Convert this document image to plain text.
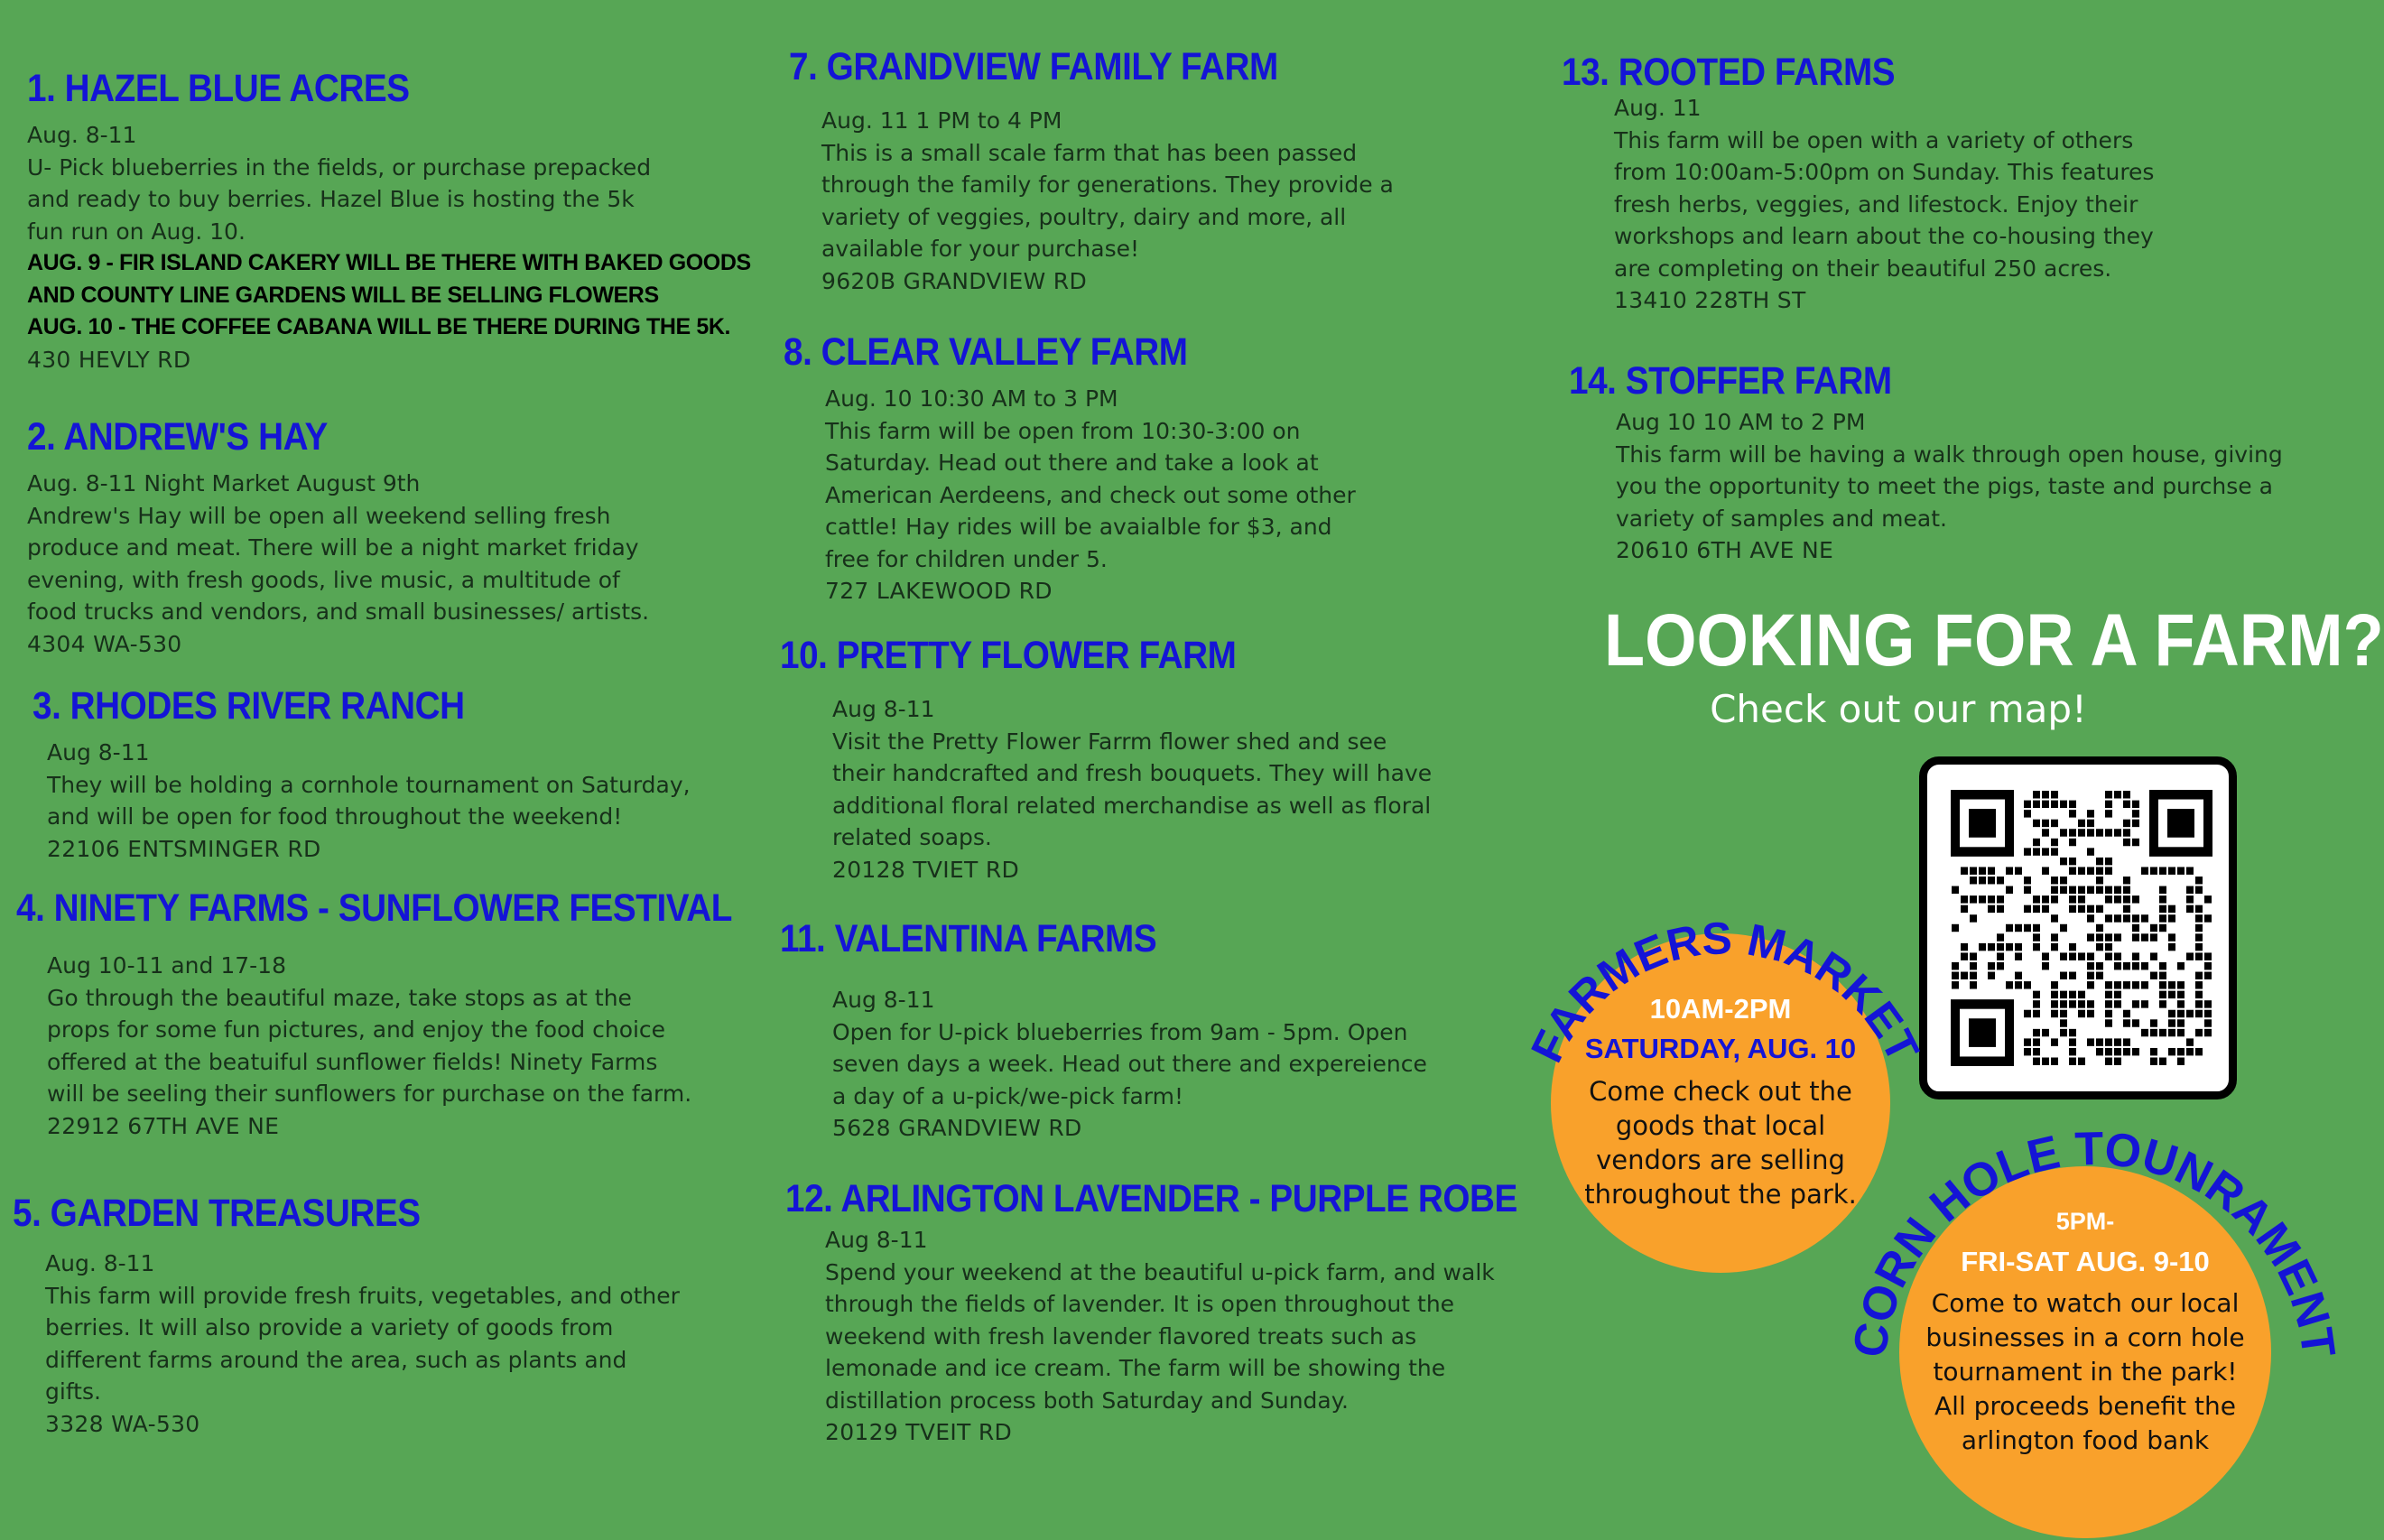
1. HAZEL BLUE ACRES

Aug. 8-11

U- Pick blueberries in the fields, or purchase prepacked

and ready to buy berries. Hazel Blue is hosting the 5k

fun run on Aug. 10.

AUG. 9 - FIR ISLAND CAKERY WILL BE THERE WITH BAKED GOODS

AND COUNTY LINE GARDENS WILL BE SELLING FLOWERS

AUG. 10 - THE COFFEE CABANA WILL BE THERE DURING THE 5K.

430 HEVLY RD

2. ANDREW'S HAY

Aug. 8-11 Night Market August 9th

Andrew's Hay will be open all weekend selling fresh

produce and meat. There will be a night market friday

evening, with fresh goods, live music, a multitude of

food trucks and vendors, and small businesses/ artists.

4304 WA-530

3. RHODES RIVER RANCH

Aug 8-11

They will be holding a cornhole tournament on Saturday,

and will be open for food throughout the weekend!

22106 ENTSMINGER RD

4. NINETY FARMS - SUNFLOWER FESTIVAL

Aug 10-11 and 17-18

Go through the beautiful maze, take stops as at the

props for some fun pictures, and enjoy the food choice

offered at the beatuiful sunflower fields! Ninety Farms

will be seeling their sunflowers for purchase on the farm.

22912 67TH AVE NE

5. GARDEN TREASURES

Aug. 8-11

This farm will provide fresh fruits, vegetables, and other

berries. It will also provide a variety of goods from

different farms around the area, such as plants and

gifts.

3328 WA-530

7. GRANDVIEW FAMILY FARM

Aug. 11 1 PM to 4 PM

This is a small scale farm that has been passed

through the family for generations. They provide a

variety of veggies, poultry, dairy and more, all

available for your purchase!

9620B GRANDVIEW RD

8. CLEAR VALLEY FARM

Aug. 10 10:30 AM to 3 PM

This farm will be open from 10:30-3:00 on

Saturday. Head out there and take a look at

American Aerdeens, and check out some other

cattle! Hay rides will be avaialble for $3, and

free for children under 5.

727 LAKEWOOD RD

10. PRETTY FLOWER FARM

Aug 8-11

Visit the Pretty Flower Farrm flower shed and see

their handcrafted and fresh bouquets. They will have

additional floral related merchandise as well as floral

related soaps.

20128 TVIET RD

11. VALENTINA FARMS

Aug 8-11

Open for U-pick blueberries from 9am - 5pm. Open

seven days a week. Head out there and expereience

a day of a u-pick/we-pick farm!

5628 GRANDVIEW RD

12. ARLINGTON LAVENDER - PURPLE ROBE

Aug 8-11

Spend your weekend at the beautiful u-pick farm, and walk

through the fields of lavender. It is open throughout the

weekend with fresh lavender flavored treats such as

lemonade and ice cream. The farm will be showing the

distillation process both Saturday and Sunday.

20129 TVEIT RD

13. ROOTED FARMS

Aug. 11

This farm will be open with a variety of others

from 10:00am-5:00pm on Sunday. This features

fresh herbs, veggies, and lifestock. Enjoy their

workshops and learn about the co-housing they

are completing on their beautiful 250 acres.

13410 228TH ST

14. STOFFER FARM

Aug 10 10 AM to 2 PM

This farm will be having a walk through open house, giving

you the opportunity to meet the pigs, taste and purchse a

variety of samples and meat.

20610 6TH AVE NE

LOOKING FOR A FARM?
Check out our map!
FARMERS MARKET
10AM-2PM
SATURDAY, AUG. 10

Come check out the

goods that local

vendors are selling

throughout the park.

CORN HOLE TOUNRAMENT
5PM-
FRI-SAT AUG. 9-10

Come to watch our local

businesses in a corn hole

tournament in the park!

All proceeds benefit the

arlington food bank
